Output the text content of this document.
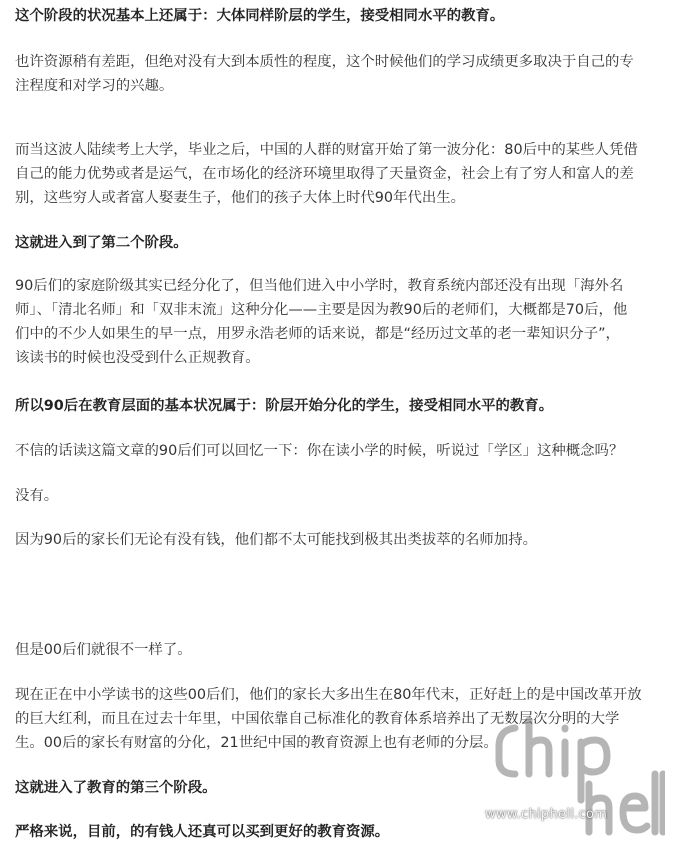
这个阶段的状况基本上还属于：大体同样阶层的学生，接受相同水平的教育。

也许资源稍有差距，但绝对没有大到本质性的程度，这个时候他们的学习成绩更多取决于自己的专
注程度和对学习的兴趣。

而当这波人陆续考上大学，毕业之后，中国的人群的财富开始了第一波分化：80后中的某些人凭借
自己的能力优势或者是运气，在市场化的经济环境里取得了天量资金，社会上有了穷人和富人的差
别，这些穷人或者富人娶妻生子，他们的孩子大体上时代90年代出生。

这就进入到了第二个阶段。

90后们的家庭阶级其实已经分化了，但当他们进入中小学时，教育系统内部还没有出现「海外名
师」、「清北名师」和「双非末流」这种分化——主要是因为教90后的老师们，大概都是70后，他
们中的不少人如果生的早一点，用罗永浩老师的话来说，都是“经历过文革的老一辈知识分子”，
该读书的时候也没受到什么正规教育。

所以90后在教育层面的基本状况属于：阶层开始分化的学生，接受相同水平的教育。

不信的话读这篇文章的90后们可以回忆一下：你在读小学的时候，听说过「学区」这种概念吗？

没有。

因为90后的家长们无论有没有钱，他们都不太可能找到极其出类拔萃的名师加持。

但是00后们就很不一样了。

现在正在中小学读书的这些00后们，他们的家长大多出生在80年代末，正好赶上的是中国改革开放
的巨大红利，而且在过去十年里，中国依靠自己标准化的教育体系培养出了无数层次分明的大学
生。00后的家长有财富的分化，21世纪中国的教育资源上也有老师的分层。

这就进入了教育的第三个阶段。

严格来说，目前，的有钱人还真可以买到更好的教育资源。

www.chiphell.com
